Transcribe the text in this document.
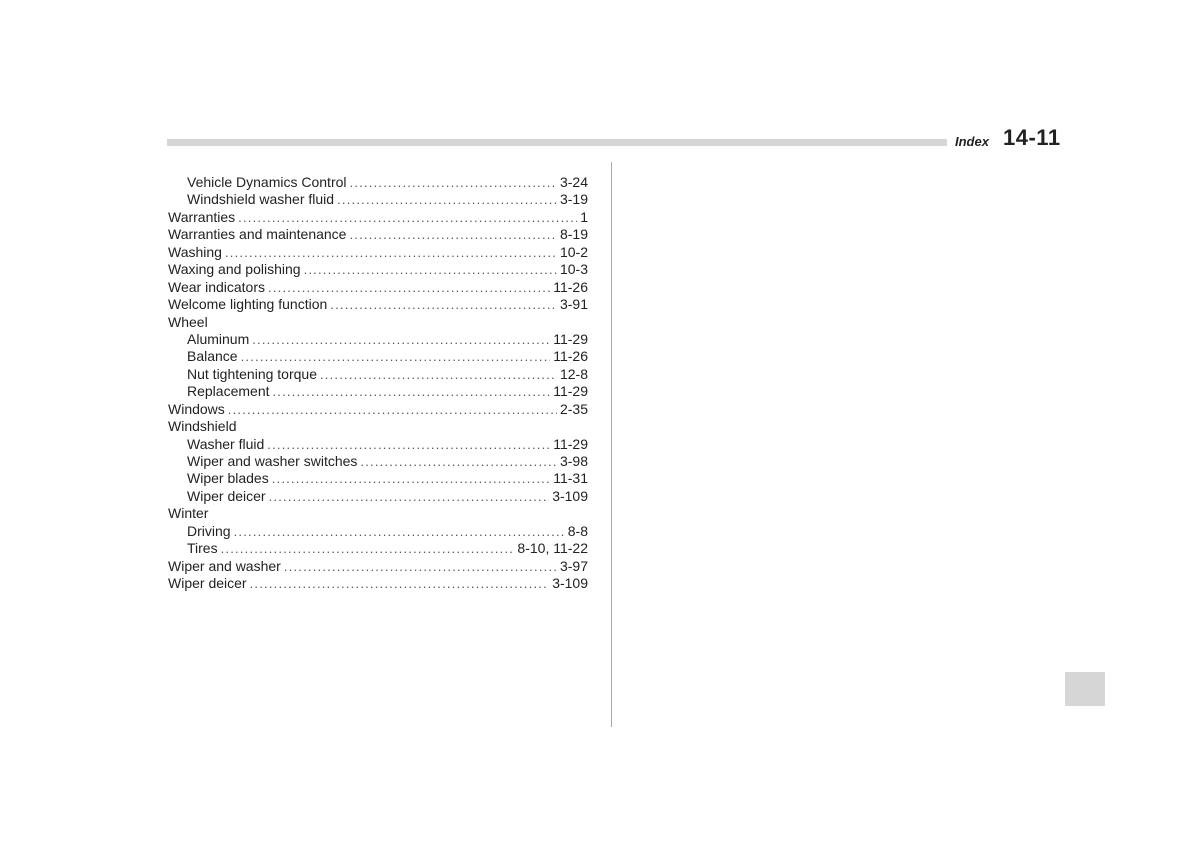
Index 14-11
Vehicle Dynamics Control .....	3-24
Windshield washer fluid .....	3-19
Warranties .....	1
Warranties and maintenance .....	8-19
Washing .....	10-2
Waxing and polishing .....	10-3
Wear indicators .....	11-26
Welcome lighting function .....	3-91
Wheel
Aluminum .....	11-29
Balance .....	11-26
Nut tightening torque .....	12-8
Replacement .....	11-29
Windows .....	2-35
Windshield
Washer fluid .....	11-29
Wiper and washer switches .....	3-98
Wiper blades .....	11-31
Wiper deicer .....	3-109
Winter
Driving .....	8-8
Tires .....	8-10, 11-22
Wiper and washer .....	3-97
Wiper deicer .....	3-109
